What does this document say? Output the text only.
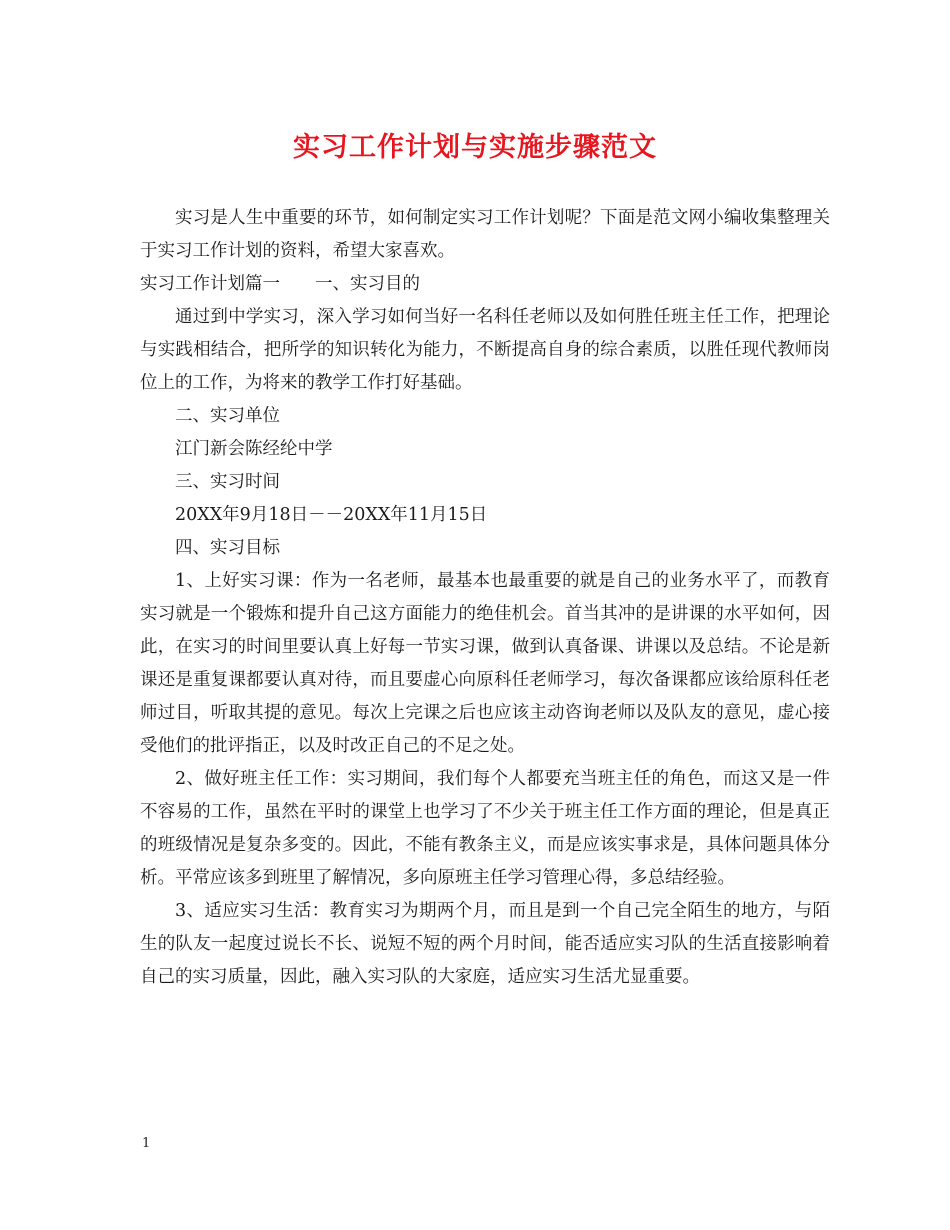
实习工作计划与实施步骤范文

实习是人生中重要的环节，如何制定实习工作计划呢？下面是范文网小编收集整理关于实习工作计划的资料，希望大家喜欢。

实习工作计划篇一　　一、实习目的

通过到中学实习，深入学习如何当好一名科任老师以及如何胜任班主任工作，把理论与实践相结合，把所学的知识转化为能力，不断提高自身的综合素质，以胜任现代教师岗位上的工作，为将来的教学工作打好基础。

二、实习单位

江门新会陈经纶中学

三、实习时间

20XX年9月18日－－20XX年11月15日

四、实习目标

1、上好实习课：作为一名老师，最基本也最重要的就是自己的业务水平了，而教育实习就是一个锻炼和提升自己这方面能力的绝佳机会。首当其冲的是讲课的水平如何，因此，在实习的时间里要认真上好每一节实习课，做到认真备课、讲课以及总结。不论是新课还是重复课都要认真对待，而且要虚心向原科任老师学习，每次备课都应该给原科任老师过目，听取其提的意见。每次上完课之后也应该主动咨询老师以及队友的意见，虚心接受他们的批评指正，以及时改正自己的不足之处。

2、做好班主任工作：实习期间，我们每个人都要充当班主任的角色，而这又是一件不容易的工作，虽然在平时的课堂上也学习了不少关于班主任工作方面的理论，但是真正的班级情况是复杂多变的。因此，不能有教条主义，而是应该实事求是，具体问题具体分析。平常应该多到班里了解情况，多向原班主任学习管理心得，多总结经验。

3、适应实习生活：教育实习为期两个月，而且是到一个自己完全陌生的地方，与陌生的队友一起度过说长不长、说短不短的两个月时间，能否适应实习队的生活直接影响着自己的实习质量，因此，融入实习队的大家庭，适应实习生活尤显重要。

1
